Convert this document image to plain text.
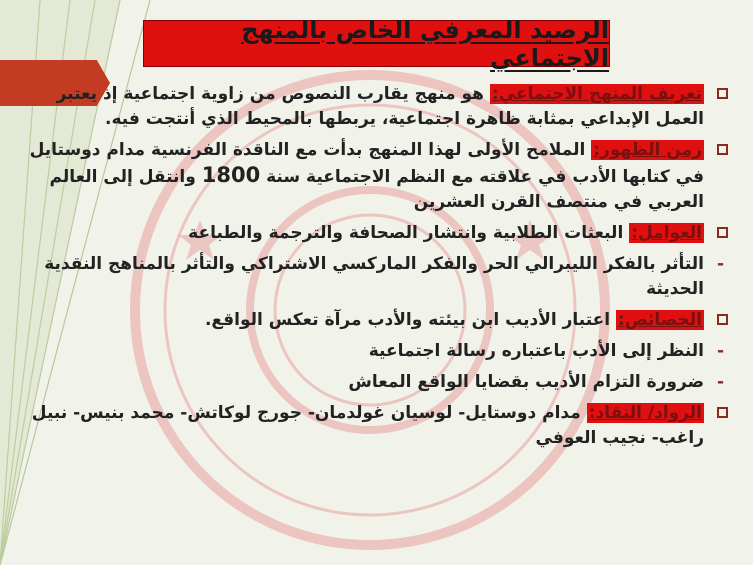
الرصيد المعرفي الخاص بالمنهج الاجتماعي
تعريف المنهج الاجتماعي: هو منهج يقارب النصوص من زاوية اجتماعية إذ يعتبر العمل الإبداعي بمثابة ظاهرة اجتماعية، يربطها بالمحيط الذي أنتجت فيه.
زمن الظهور: الملامح الأولى لهذا المنهج بدأت مع الناقدة الفرنسية مدام دوستايل في كتابها الأدب في علاقته مع النظم الاجتماعية سنة 1800 وانتقل إلى العالم العربي في منتصف القرن العشرين
العوامل: البعثات الطلابية وانتشار الصحافة والترجمة والطباعة
-
التأثر بالفكر الليبرالي الحر والفكر الماركسي الاشتراكي والتأثر بالمناهج النقدية الحديثة
الخصائص: اعتبار الأديب ابن بيئته والأدب مرآة تعكس الواقع.
-
النظر إلى الأدب باعتباره رسالة اجتماعية
-
ضرورة التزام الأديب بقضايا الواقع المعاش
الرواد/ النقاد: مدام دوستايل- لوسيان غولدمان- جورج لوكاتش- محمد بنيس- نبيل راغب- نجيب العوفي
